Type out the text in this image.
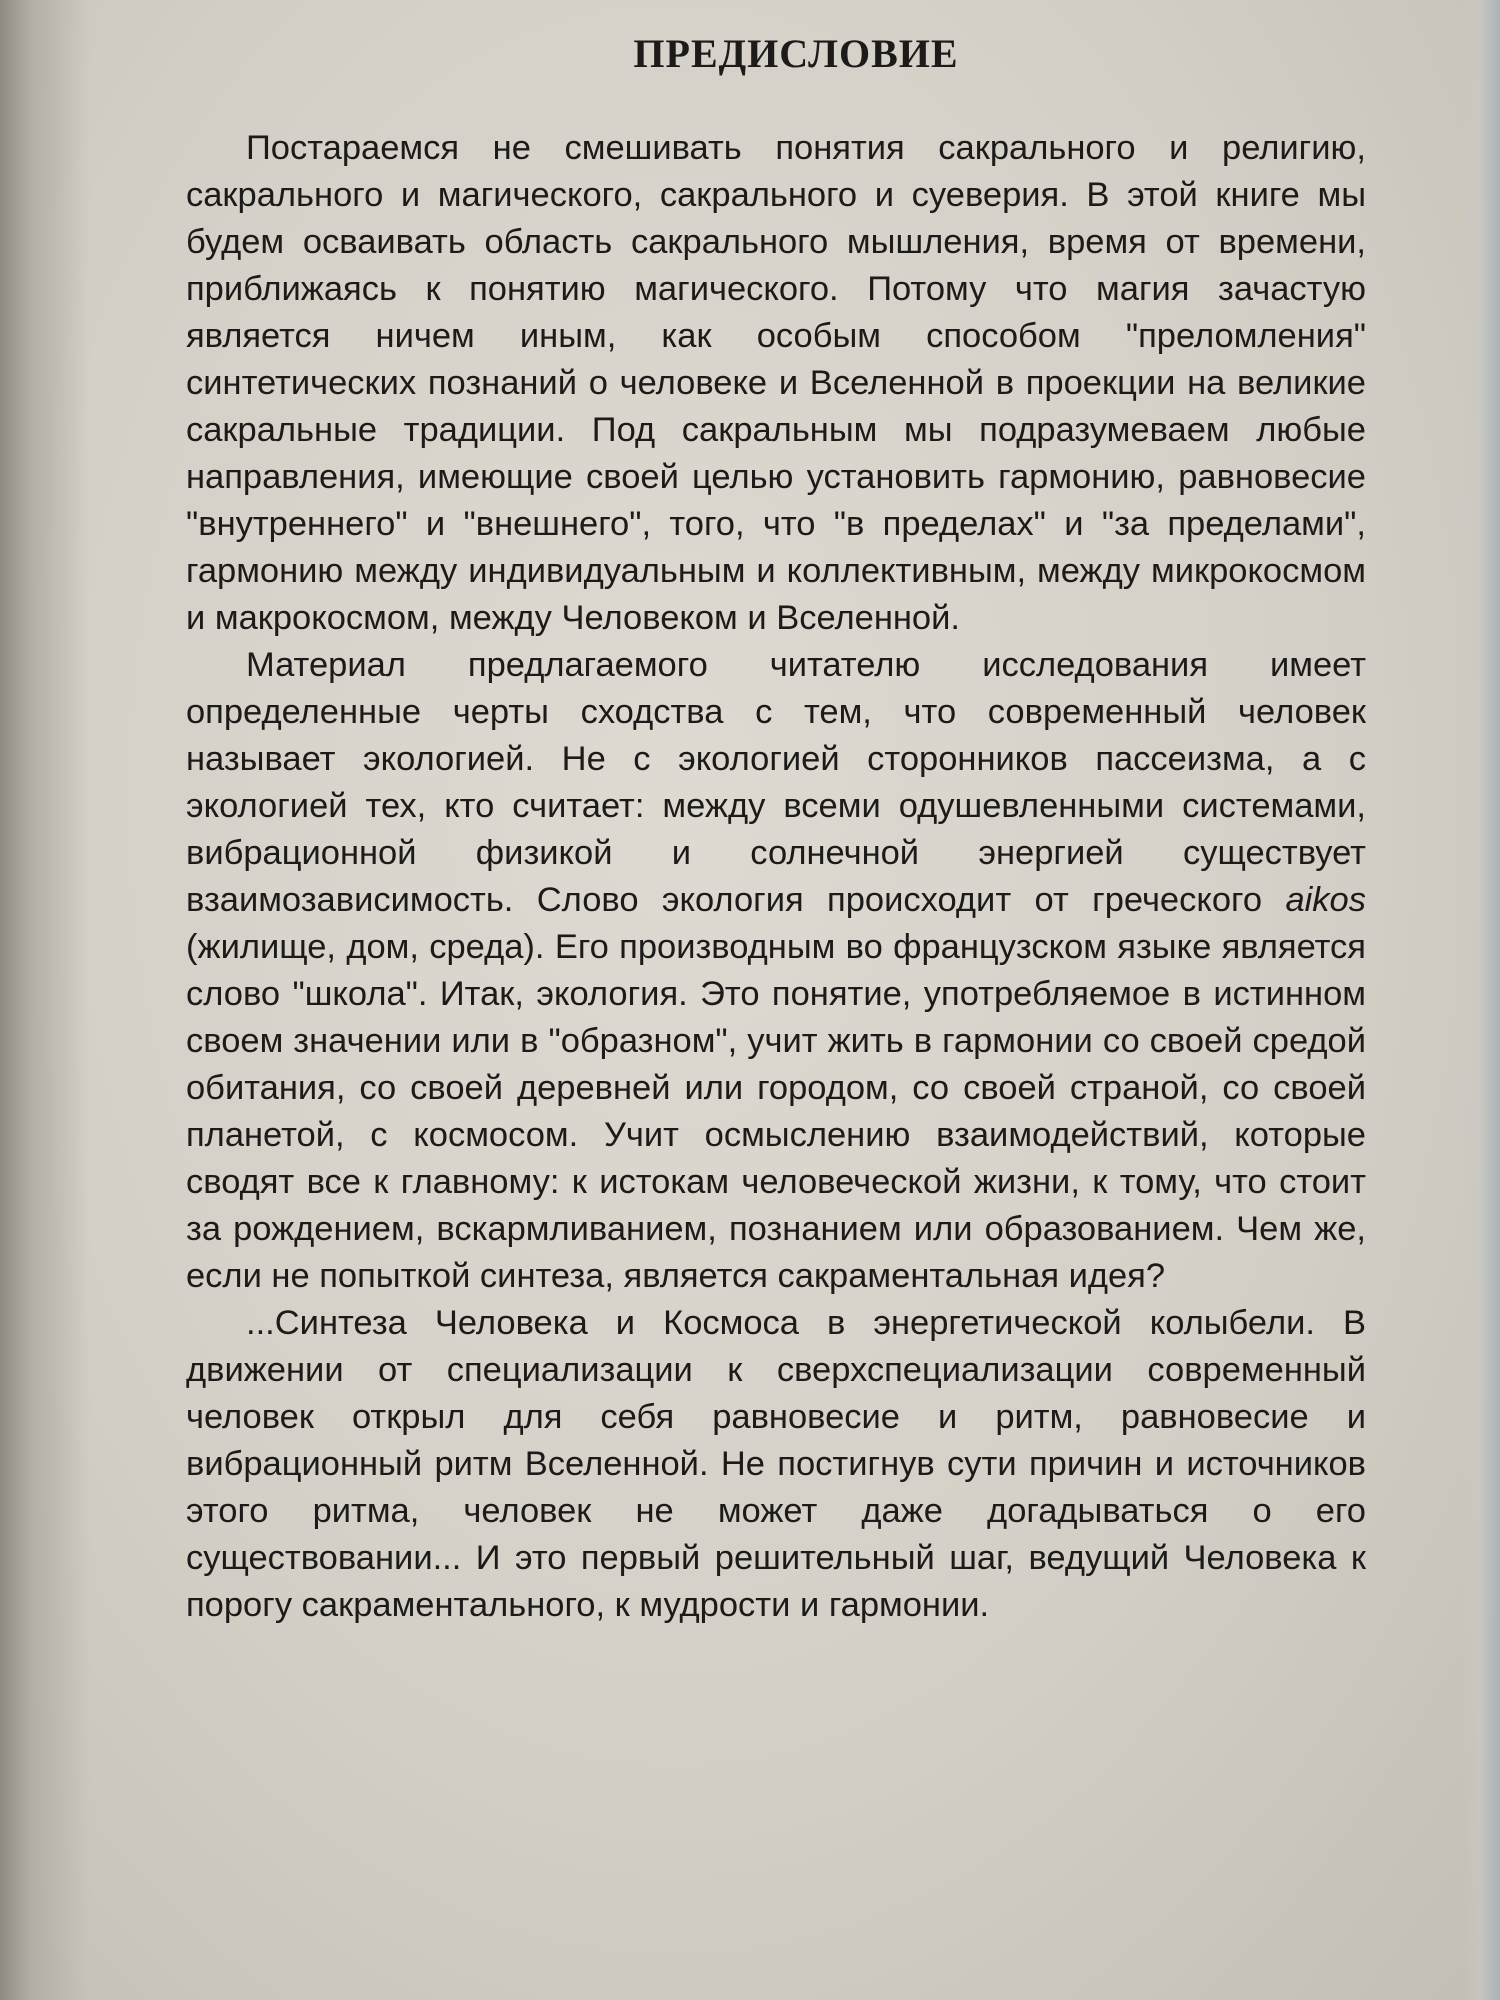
ПРЕДИСЛОВИЕ

Постараемся не смешивать понятия сакрального и религию, сакрального и магического, сакрального и суеверия. В этой книге мы будем осваивать область сакрального мышления, время от времени, приближаясь к понятию магического. Потому что магия зачастую является ничем иным, как особым способом "преломления" синтетических познаний о человеке и Вселенной в проекции на великие сакральные традиции. Под сакральным мы подразумеваем любые направления, имеющие своей целью установить гармонию, равновесие "внутреннего" и "внешнего", того, что "в пределах" и "за пределами", гармонию между индивидуальным и коллективным, между микрокосмом и макрокосмом, между Человеком и Вселенной.

Материал предлагаемого читателю исследования имеет определенные черты сходства с тем, что современный человек называет экологией. Не с экологией сторонников пассеизма, а с экологией тех, кто считает: между всеми одушевленными системами, вибрационной физикой и солнечной энергией существует взаимозависимость. Слово экология происходит от греческого aikos (жилище, дом, среда). Его производным во французском языке является слово "школа". Итак, экология. Это понятие, употребляемое в истинном своем значении или в "образном", учит жить в гармонии со своей средой обитания, со своей деревней или городом, со своей страной, со своей планетой, с космосом. Учит осмыслению взаимодействий, которые сводят все к главному: к истокам человеческой жизни, к тому, что стоит за рождением, вскармливанием, познанием или образованием. Чем же, если не попыткой синтеза, является сакраментальная идея?

...Синтеза Человека и Космоса в энергетической колыбели. В движении от специализации к сверхспециализации современный человек открыл для себя равновесие и ритм, равновесие и вибрационный ритм Вселенной. Не постигнув сути причин и источников этого ритма, человек не может даже догадываться о его существовании... И это первый решительный шаг, ведущий Человека к порогу сакраментального, к мудрости и гармонии.
